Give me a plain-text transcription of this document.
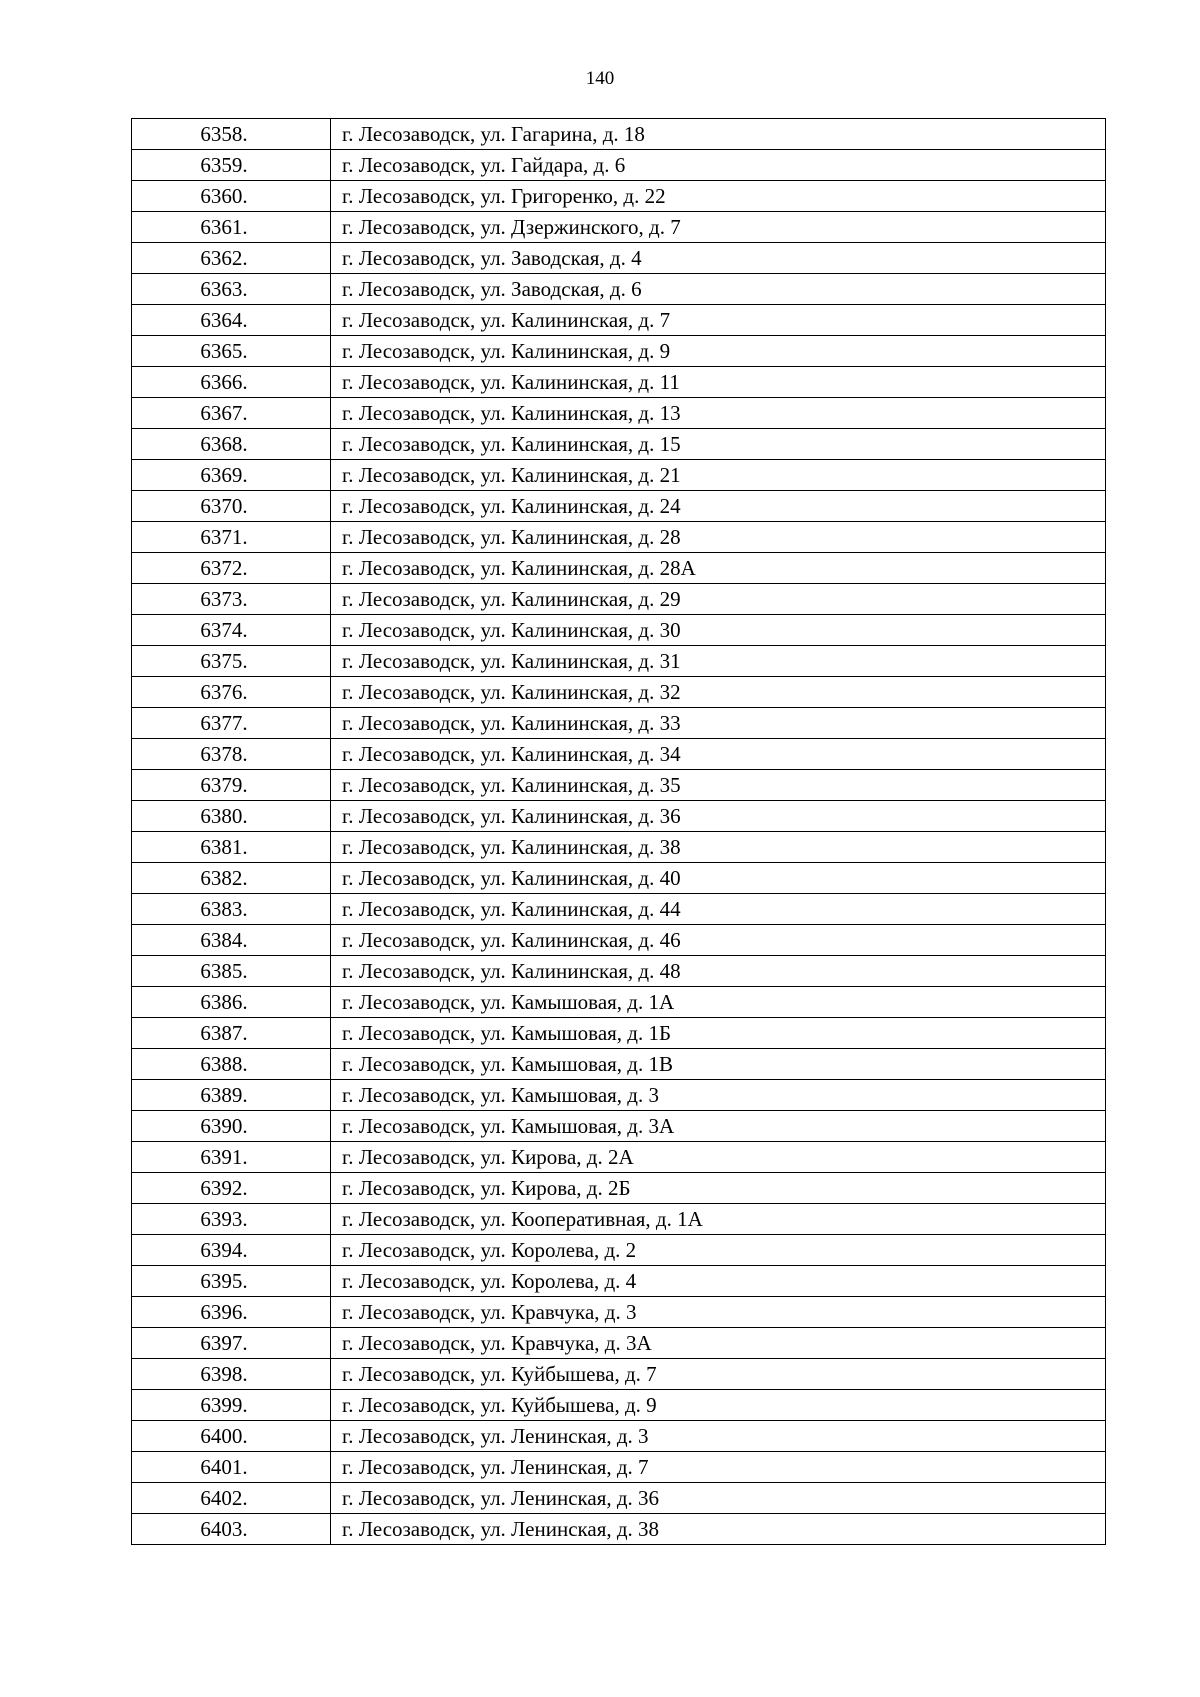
140
6358.	г. Лесозаводск, ул. Гагарина, д. 18
6359.	г. Лесозаводск, ул. Гайдара, д. 6
6360.	г. Лесозаводск, ул. Григоренко, д. 22
6361.	г. Лесозаводск, ул. Дзержинского, д. 7
6362.	г. Лесозаводск, ул. Заводская, д. 4
6363.	г. Лесозаводск, ул. Заводская, д. 6
6364.	г. Лесозаводск, ул. Калининская, д. 7
6365.	г. Лесозаводск, ул. Калининская, д. 9
6366.	г. Лесозаводск, ул. Калининская, д. 11
6367.	г. Лесозаводск, ул. Калининская, д. 13
6368.	г. Лесозаводск, ул. Калининская, д. 15
6369.	г. Лесозаводск, ул. Калининская, д. 21
6370.	г. Лесозаводск, ул. Калининская, д. 24
6371.	г. Лесозаводск, ул. Калининская, д. 28
6372.	г. Лесозаводск, ул. Калининская, д. 28А
6373.	г. Лесозаводск, ул. Калининская, д. 29
6374.	г. Лесозаводск, ул. Калининская, д. 30
6375.	г. Лесозаводск, ул. Калининская, д. 31
6376.	г. Лесозаводск, ул. Калининская, д. 32
6377.	г. Лесозаводск, ул. Калининская, д. 33
6378.	г. Лесозаводск, ул. Калининская, д. 34
6379.	г. Лесозаводск, ул. Калининская, д. 35
6380.	г. Лесозаводск, ул. Калининская, д. 36
6381.	г. Лесозаводск, ул. Калининская, д. 38
6382.	г. Лесозаводск, ул. Калининская, д. 40
6383.	г. Лесозаводск, ул. Калининская, д. 44
6384.	г. Лесозаводск, ул. Калининская, д. 46
6385.	г. Лесозаводск, ул. Калининская, д. 48
6386.	г. Лесозаводск, ул. Камышовая, д. 1А
6387.	г. Лесозаводск, ул. Камышовая, д. 1Б
6388.	г. Лесозаводск, ул. Камышовая, д. 1В
6389.	г. Лесозаводск, ул. Камышовая, д. 3
6390.	г. Лесозаводск, ул. Камышовая, д. 3А
6391.	г. Лесозаводск, ул. Кирова, д. 2А
6392.	г. Лесозаводск, ул. Кирова, д. 2Б
6393.	г. Лесозаводск, ул. Кооперативная, д. 1А
6394.	г. Лесозаводск, ул. Королева, д. 2
6395.	г. Лесозаводск, ул. Королева, д. 4
6396.	г. Лесозаводск, ул. Кравчука, д. 3
6397.	г. Лесозаводск, ул. Кравчука, д. 3А
6398.	г. Лесозаводск, ул. Куйбышева, д. 7
6399.	г. Лесозаводск, ул. Куйбышева, д. 9
6400.	г. Лесозаводск, ул. Ленинская, д. 3
6401.	г. Лесозаводск, ул. Ленинская, д. 7
6402.	г. Лесозаводск, ул. Ленинская, д. 36
6403.	г. Лесозаводск, ул. Ленинская, д. 38
